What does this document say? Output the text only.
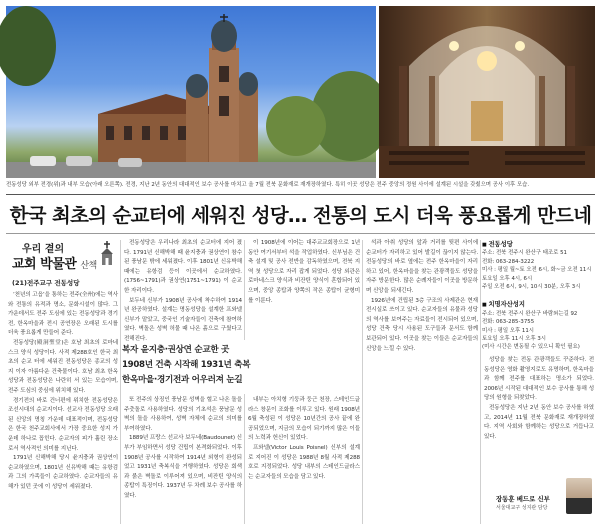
전동성당 외부 전경(위)과 내부 모습(아래 오른쪽). 전경, 지난 2년 동안의 대대적인 보수 공사를 마치고 올 7월 전북 문화재로 재개장하였다. 특히 이곳 성당은 전주 중앙의 정원 사이에 설계된 시설을 갖췄으며 공사 이후 모습.
한국 최초의 순교터에 세워진 성당… 전통의 도시 더욱 풍요롭게 만드네
우리 곁의
교회 박물관 산책
(21)전주교구 전동성당

‘천년의 고읍’을 통하는 전주(全州)에는 역사와 전통의 유적과 명소, 문화시설이 많다. 그 가운데서도 전주 도심에 있는 전동성당과 경기전, 한옥마을과 전시 공연장은 오래된 도시를 더욱 풍요롭게 만들어 준다.

전동성당(殿洞聖堂)은 호남 최초의 로마네스크 양식 성당이다. 사적 제288호인 한국 최초의 순교 터에 세워진 전동성당은 종교의 성지 이자 아름다운 건축물이다. 호남 최초 한옥성당과 전동성당은 나란히 서 있는 모습이며, 전주 도심의 중심에 위치해 있다.

경기전의 바로 건너편에 위치한 전동성당은 조선시대의 순교지이다. 선교사 전동성당 오래된 신앙의 명칭 가운데 대표적이며, 전동성당은 한국 천주교회사에서 가장 중요한 성지 가운데 하나로 꼽힌다. 순교자의 피가 흘린 장소로서 역사적인 의미를 지닌다.

1791년 신해박해 당시 윤지충과 권상연이 순교하였으며, 1801년 신유박해 때는 유항검과 그의 가족들이 순교하였다. 순교자들의 유해가 있던 곳에 이 성당이 세워졌다.

전동성당은 우리나라 최초의 순교터에 지어 졌다. 1791년 신해박해 때 윤지충과 권상연이 참수된 풍남문 밖에 세워졌다. 이후 1801년 신유박해 때에는 유항검 등이 이곳에서 순교하였다. (1756~1791)과 권상연(1751~1791) 이 순교한 자리이다.

보두네 신부가 1908년 공사에 착수하여 1914년 완공하였다. 설계는 명동성당을 설계한 프와넬 신부가 맡았고, 중국인 기술자들이 건축에 참여하였다. 벽돌은 성벽 허물 때 나온 흙으로 구웠다고 전해진다.

복자 윤지충·권상연 순교한 곳
1908년 건축 시작해 1931년 축복
한옥마을·경기전과 어우러져 눈길

또 전주의 상징인 풍남문 성벽을 헐고 나온 돌을 주춧돌로 사용하였다. 성당의 기초석은 풍남문 성벽의 돌을 사용하여, 성벽 자체에 순교의 의미를 부여하였다.

1889년 프랑스 선교사 보두네(Baudounet) 신부가 부임하면서 성당 건립이 본격화되었다. 이후 1908년 공사를 시작하여 1914년 외형이 완성되었고 1931년 축복식을 거행하였다. 성당은 회색과 붉은 벽돌로 이루어져 있으며, 비잔틴 양식의 종탑이 특징이다. 1937년 두 차례 보수 공사를 하였다.

이 1908년에 이어는 대주교교회장으로 1년 동안 여기서부터 석을 작업하였다. 신부님은 건축 설계 및 공사 전반을 감독하였으며, 전북 지역 첫 성당으로 자리 잡게 되었다. 성당 외관은 로마네스크 양식과 비잔틴 양식이 혼합되어 있으며, 중앙 종탑과 양쪽의 작은 종탑이 균형미를 이룬다.

내부는 아치형 기둥과 둥근 천장, 스테인드글라스 창문이 조화를 이루고 있다. 원래 1908년 6월 축성된 이 성당은 10년간의 공사 끝에 완공되었으며, 지금의 모습이 되기까지 많은 이들의 노력과 헌신이 있었다.

프와넬(Victor Louis Poisnel) 신부의 설계로 지어진 이 성당은 1988년 8월 사적 제288호로 지정되었다. 성당 내부의 스테인드글라스는 순교자들의 모습을 담고 있다.

석과 아취 성당의 앞과 거리를 뒷편 사이에 순교터가 자리하고 있어 발길이 끊이지 않는다. 전동성당의 바로 옆에는 전주 한옥마을이 자리하고 있어, 한옥마을을 찾는 관광객들도 성당을 자주 방문한다. 많은 순례자들이 이곳을 방문하며 신앙을 되새긴다.

1926년에 건립된 3층 구조의 사제관은 현재 전시실로 쓰이고 있다. 순교자들의 유물과 성당의 역사를 보여주는 자료들이 전시되어 있으며, 성당 건축 당시 사용된 도구들과 문서도 함께 보관되어 있다. 이곳을 찾는 이들은 순교자들의 신앙을 느낄 수 있다.

■ 전동성당
주소: 전북 전주시 완산구 태조로 51
전화: 063-284-3222
미사 : 평일 월~토 오전 6시, 화~금 오전 11시
토요일 오후 4시, 6시
주일 오전 6시, 9시, 10시 30분, 오후 3시
■ 치명자산성지
주소: 전북 전주시 완산구 바람쐬는길 92
전화: 063-285-3755
미사 : 평일 오후 11시
토요일 오후 11시 오후 3시
(미사 시간은 변동될 수 있으니 확인 필요)

성당을 찾는 전동 관광객들도 꾸준하다. 전동성당은 영화 촬영지로도 유명하며, 한옥마을과 함께 전주를 대표하는 명소가 되었다. 2006년 시작된 대대적인 보수 공사를 통해 성당의 원형을 되찾았다.

전동성당은 지난 2년 동안 보수 공사를 하였고, 2014년 11월 전북 문화재로 재개장하였다. 지역 사회와 함께하는 성당으로 거듭나고 있다.

장동훈 베드로 신부
서울대교구 성지관 담당
